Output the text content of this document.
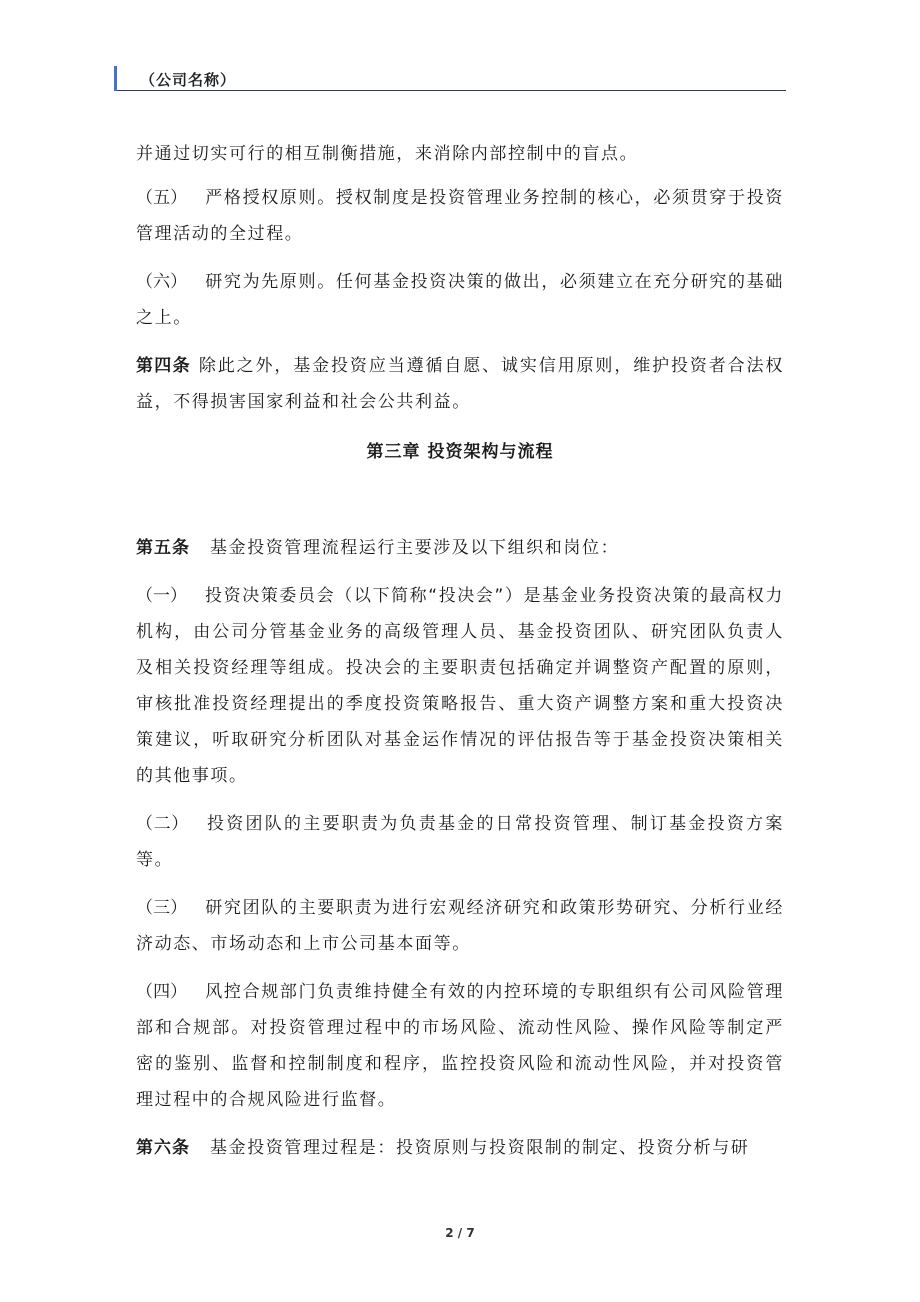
（公司名称）

并通过切实可行的相互制衡措施，来消除内部控制中的盲点。

（五） 严格授权原则。授权制度是投资管理业务控制的核心，必须贯穿于投资管理活动的全过程。

（六） 研究为先原则。任何基金投资决策的做出，必须建立在充分研究的基础之上。

第四条 除此之外，基金投资应当遵循自愿、诚实信用原则，维护投资者合法权益，不得损害国家利益和社会公共利益。

第三章 投资架构与流程

第五条 基金投资管理流程运行主要涉及以下组织和岗位：

（一） 投资决策委员会（以下简称“投决会”）是基金业务投资决策的最高权力机构，由公司分管基金业务的高级管理人员、基金投资团队、研究团队负责人及相关投资经理等组成。投决会的主要职责包括确定并调整资产配置的原则，审核批准投资经理提出的季度投资策略报告、重大资产调整方案和重大投资决策建议，听取研究分析团队对基金运作情况的评估报告等于基金投资决策相关的其他事项。

（二） 投资团队的主要职责为负责基金的日常投资管理、制订基金投资方案等。

（三） 研究团队的主要职责为进行宏观经济研究和政策形势研究、分析行业经济动态、市场动态和上市公司基本面等。

（四） 风控合规部门负责维持健全有效的内控环境的专职组织有公司风险管理部和合规部。对投资管理过程中的市场风险、流动性风险、操作风险等制定严密的鉴别、监督和控制制度和程序，监控投资风险和流动性风险，并对投资管理过程中的合规风险进行监督。

第六条 基金投资管理过程是：投资原则与投资限制的制定、投资分析与研

2 / 7
